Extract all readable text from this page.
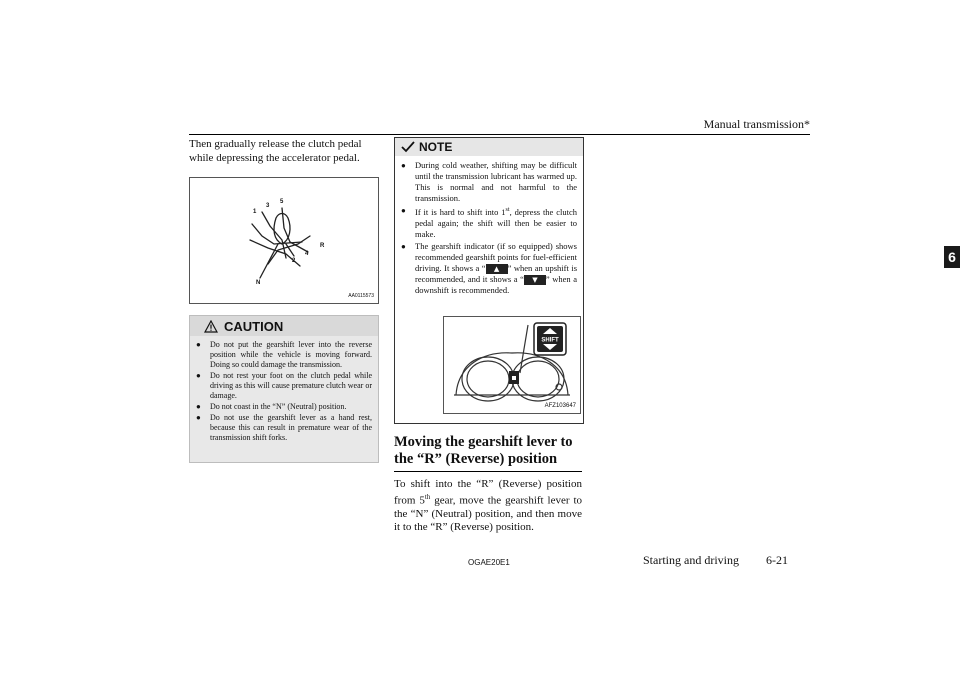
Manual transmission*
6
Then gradually release the clutch pedal while depressing the accelerator pedal.
1
3
5
R
2
4
N
AA0115573
CAUTION
● Do not put the gearshift lever into the reverse position while the vehicle is moving forward. Doing so could damage the transmission.
● Do not rest your foot on the clutch pedal while driving as this will cause premature clutch wear or damage.
● Do not coast in the “N” (Neutral) position.
● Do not use the gearshift lever as a hand rest, because this can result in premature wear of the transmission shift forks.
NOTE
● During cold weather, shifting may be difficult until the transmission lubricant has warmed up. This is normal and not harmful to the transmission.
● If it is hard to shift into 1st, depress the clutch pedal again; the shift will then be easier to make.
● The gearshift indicator (if so equipped) shows recommended gearshift points for fuel-efficient driving. It shows a “	▲ ” when an upshift is recommended, and it shows a “	▼ ” when a downshift is recommended.
SHIFT
AFZ103647
Moving the gearshift lever to the “R” (Reverse) position
To shift into the “R” (Reverse) position from 5th gear, move the gearshift lever to the “N” (Neutral) position, and then move it to the “R” (Reverse) position.
OGAE20E1	Starting and driving 6-21
